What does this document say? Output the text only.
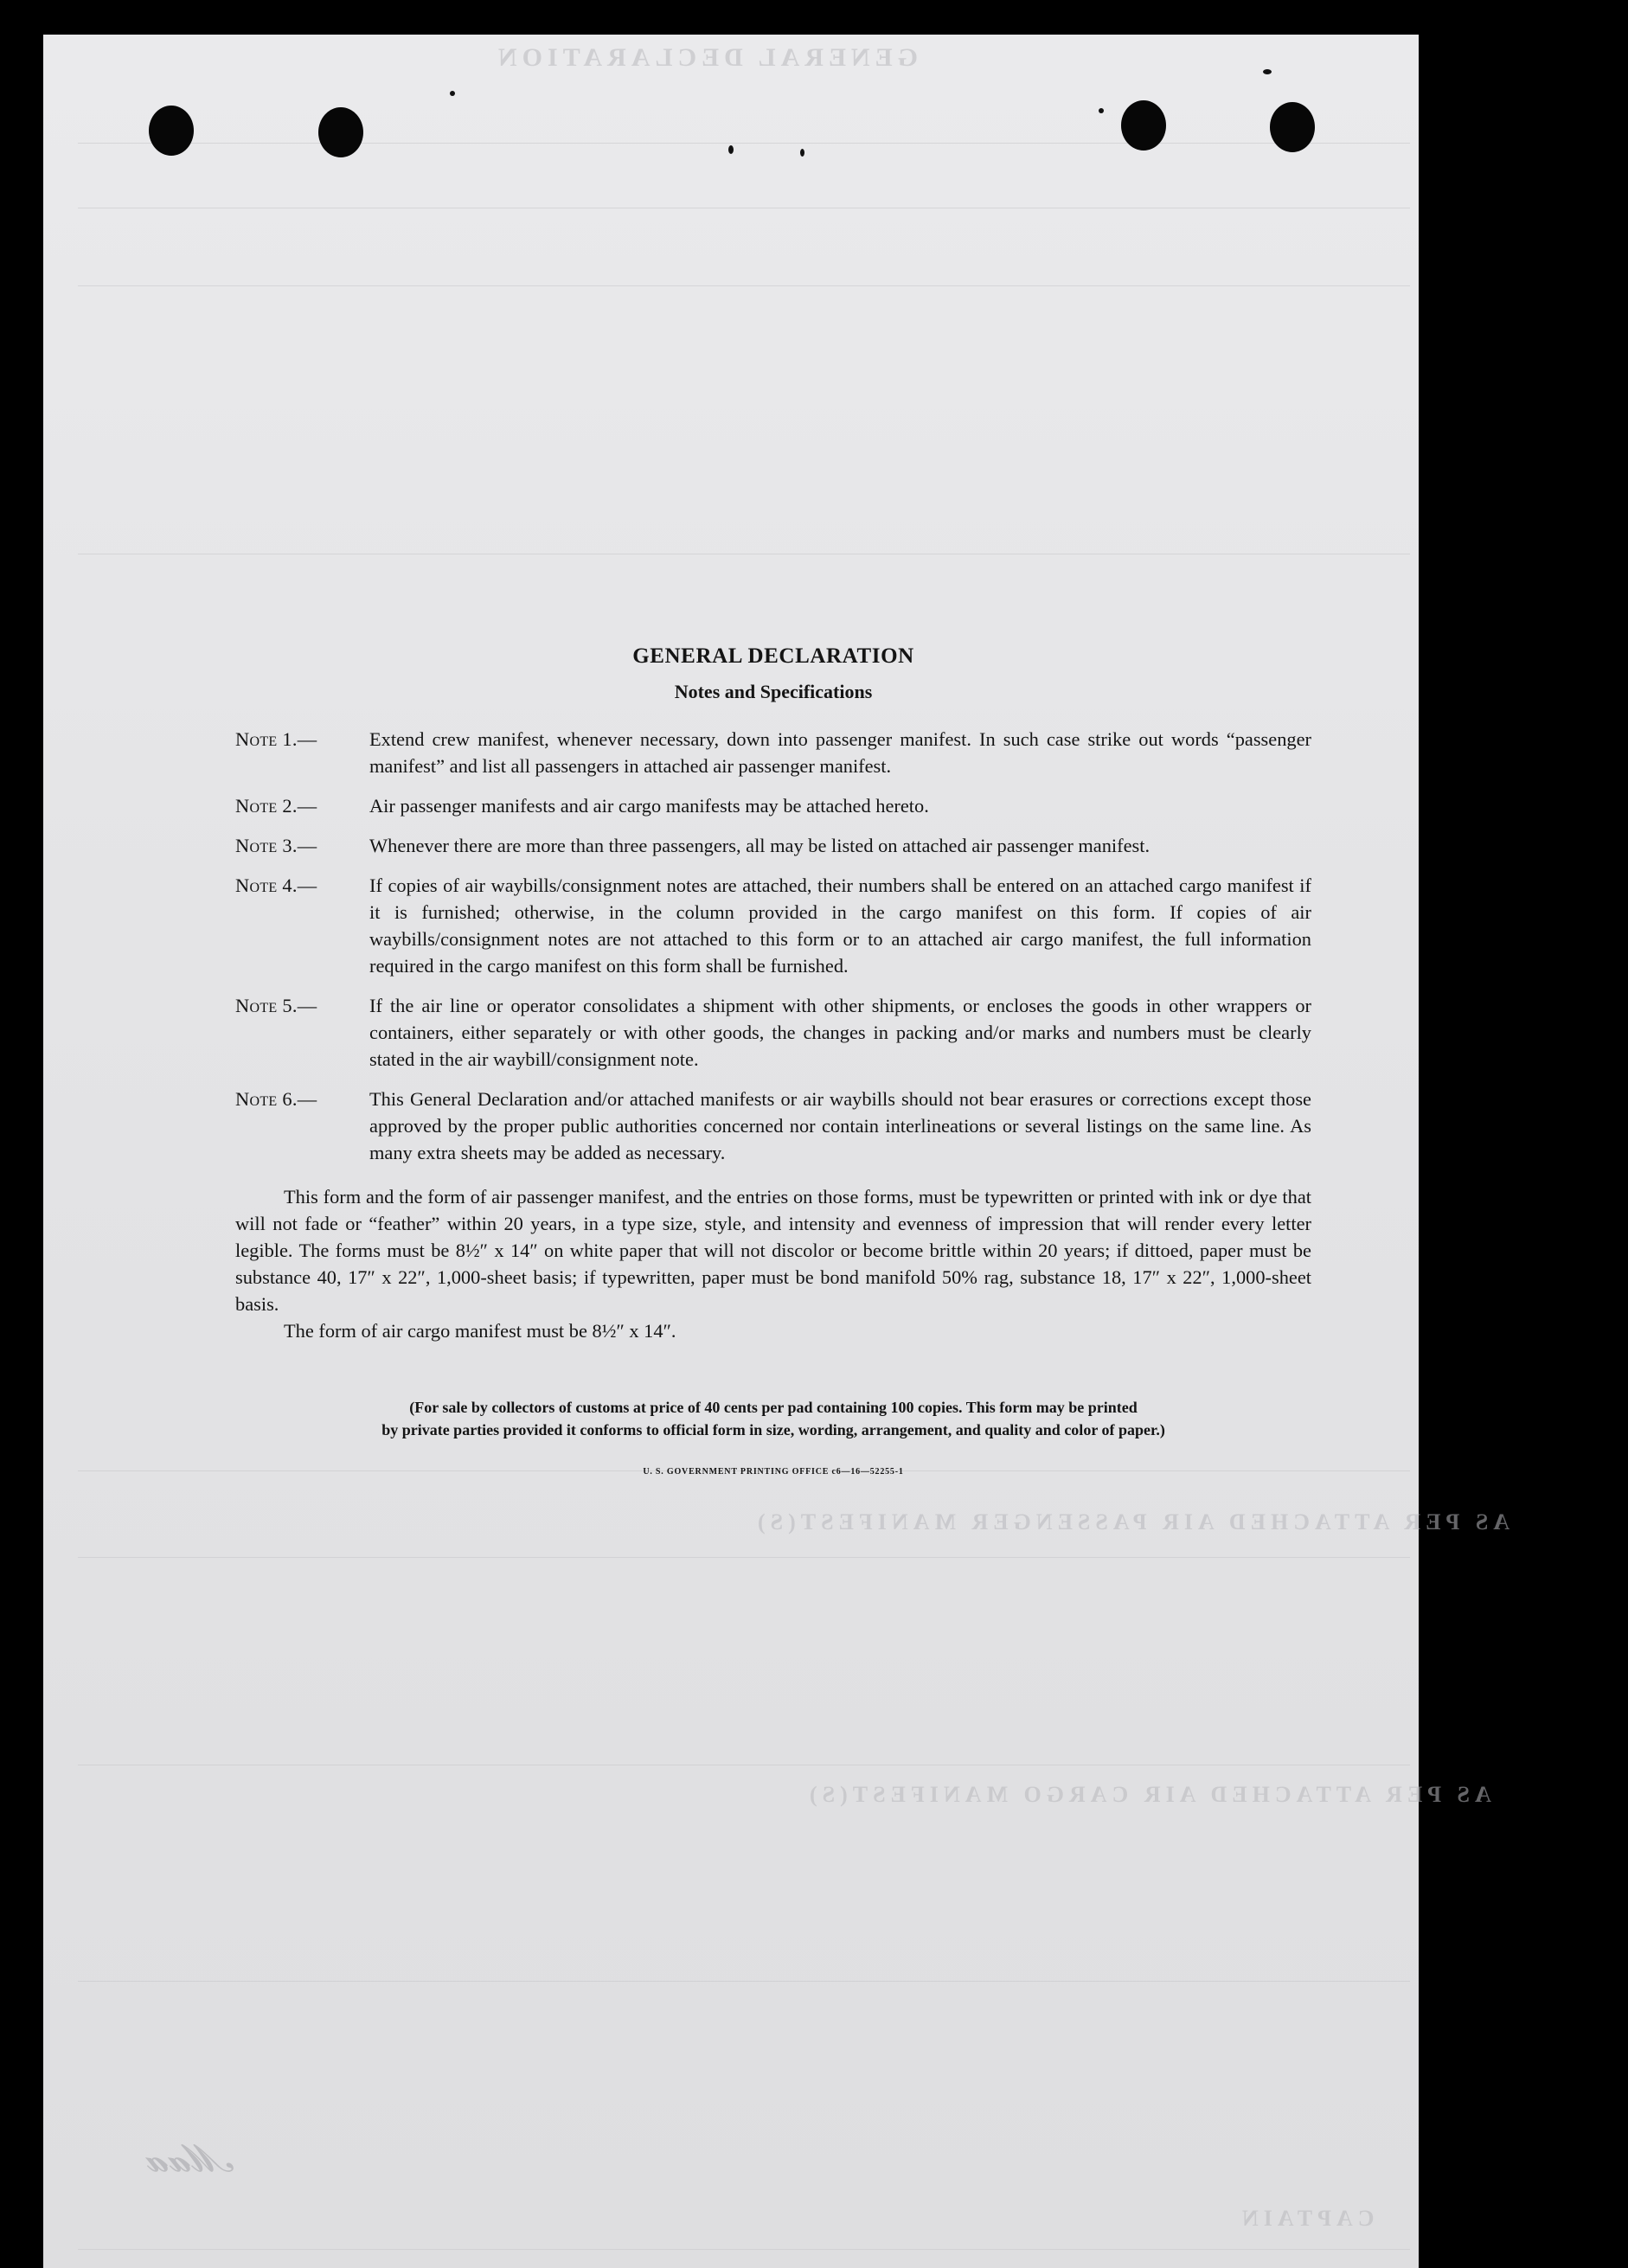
GENERAL DECLARATION
AS PER ATTACHED AIR PASSENGER MANIFEST(S)
AS PER ATTACHED AIR CARGO MANIFEST(S)
CAPTAIN
𝓜𝓪𝓪
GENERAL DECLARATION
Notes and Specifications
Note 1.—	Extend crew manifest, whenever necessary, down into passenger manifest. In such case strike out words “passenger manifest” and list all passengers in attached air passenger manifest.
Note 2.—	Air passenger manifests and air cargo manifests may be attached hereto.
Note 3.—	Whenever there are more than three passengers, all may be listed on attached air passenger manifest.
Note 4.—	If copies of air waybills/consignment notes are attached, their numbers shall be entered on an attached cargo manifest if it is furnished; otherwise, in the column provided in the cargo manifest on this form. If copies of air waybills/consignment notes are not attached to this form or to an attached air cargo manifest, the full information required in the cargo manifest on this form shall be furnished.
Note 5.—	If the air line or operator consolidates a shipment with other shipments, or encloses the goods in other wrappers or containers, either separately or with other goods, the changes in packing and/or marks and numbers must be clearly stated in the air waybill/consignment note.
Note 6.—	This General Declaration and/or attached manifests or air waybills should not bear erasures or corrections except those approved by the proper public authorities concerned nor contain interlineations or several listings on the same line. As many extra sheets may be added as necessary.

This form and the form of air passenger manifest, and the entries on those forms, must be typewritten or printed with ink or dye that will not fade or “feather” within 20 years, in a type size, style, and intensity and evenness of impression that will render every letter legible. The forms must be 8½″ x 14″ on white paper that will not discolor or become brittle within 20 years; if dittoed, paper must be substance 40, 17″ x 22″, 1,000-sheet basis; if typewritten, paper must be bond manifold 50% rag, substance 18, 17″ x 22″, 1,000-sheet basis.

The form of air cargo manifest must be 8½″ x 14″.

(For sale by collectors of customs at price of 40 cents per pad containing 100 copies. This form may be printed
by private parties provided it conforms to official form in size, wording, arrangement, and quality and color of paper.)
U. S. GOVERNMENT PRINTING OFFICE c6—16—52255-1
